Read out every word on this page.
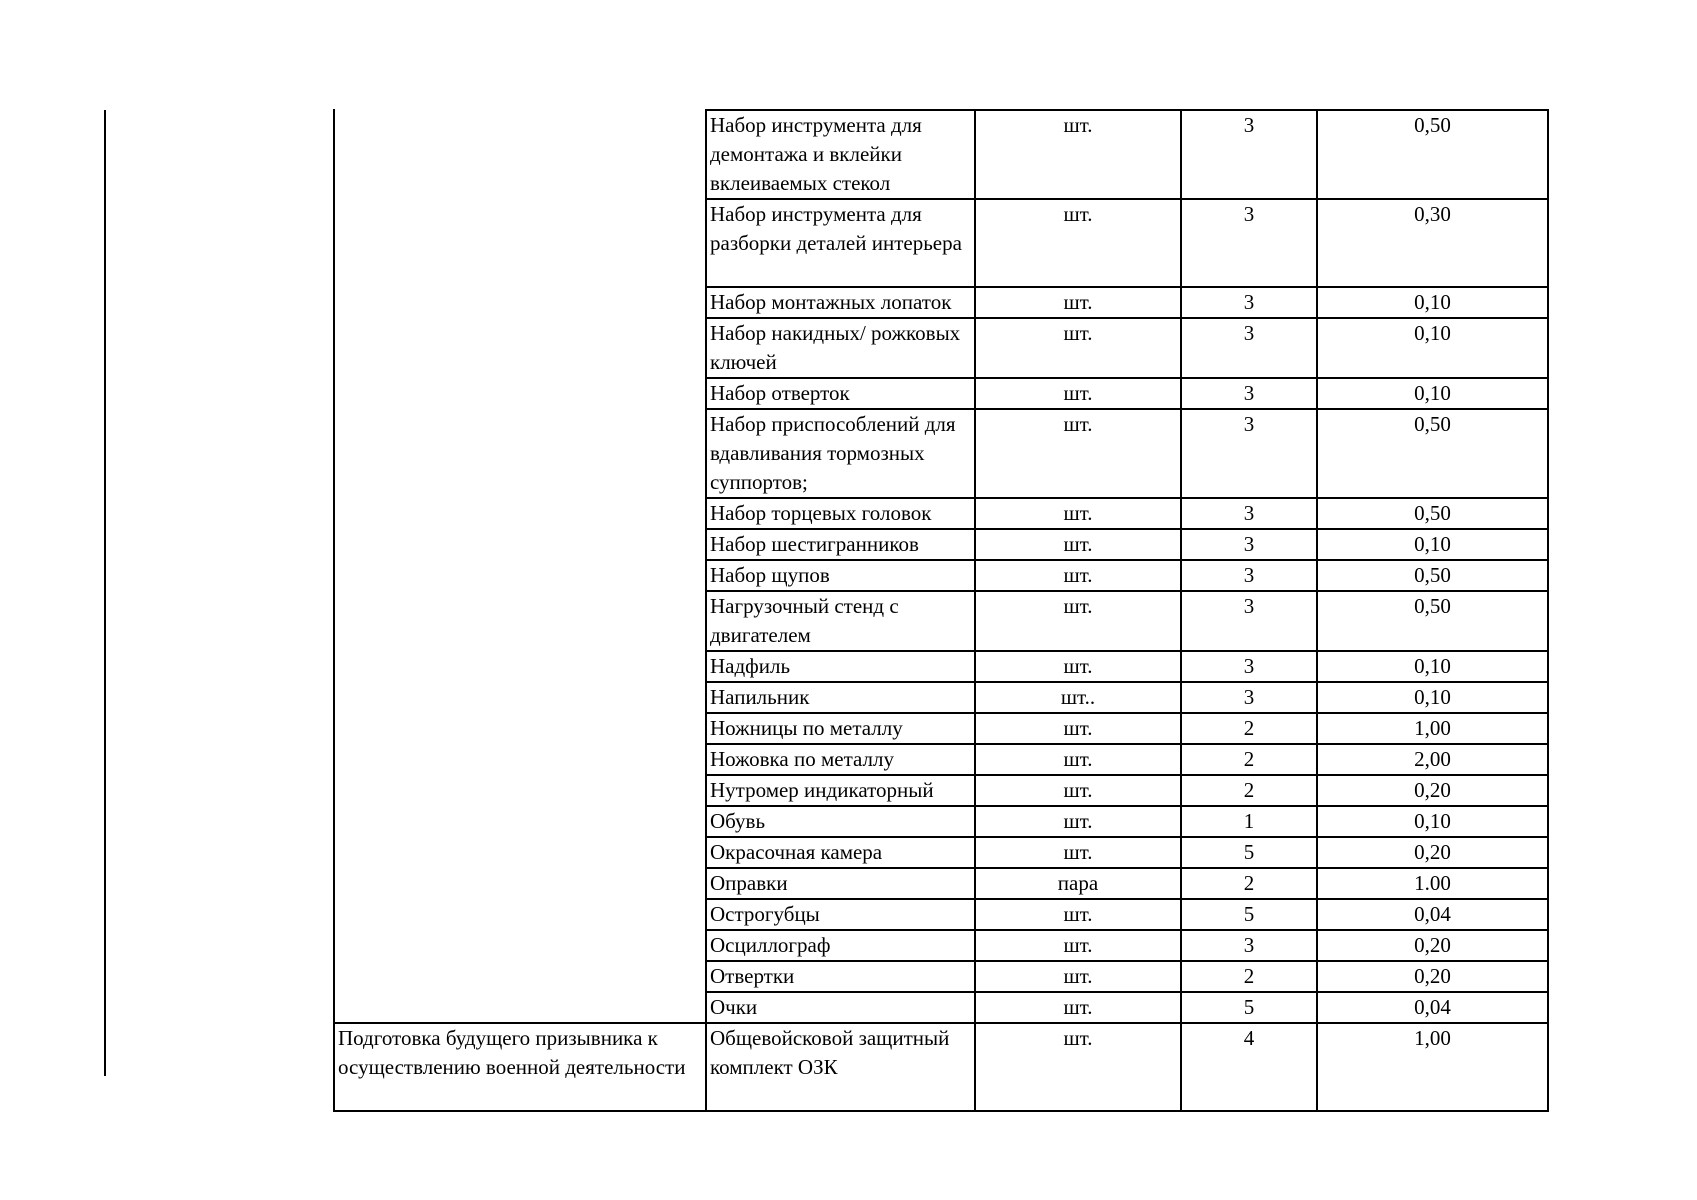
	Набор инструмента для демонтажа и вклейки вклеиваемых стекол	шт.	3	0,50
	Набор инструмента для разборки деталей интерьера	шт.	3	0,30
	Набор монтажных лопаток	шт.	3	0,10
	Набор накидных/ рожковых ключей	шт.	3	0,10
	Набор отверток	шт.	3	0,10
	Набор приспособлений для вдавливания тормозных суппортов;	шт.	3	0,50
	Набор торцевых головок	шт.	3	0,50
	Набор шестигранников	шт.	3	0,10
	Набор щупов	шт.	3	0,50
	Нагрузочный стенд с двигателем	шт.	3	0,50
	Надфиль	шт.	3	0,10
	Напильник	шт..	3	0,10
	Ножницы по металлу	шт.	2	1,00
	Ножовка по металлу	шт.	2	2,00
	Нутромер индикаторный	шт.	2	0,20
	Обувь	шт.	1	0,10
	Окрасочная камера	шт.	5	0,20
	Оправки	пара	2	1.00
	Острогубцы	шт.	5	0,04
	Осциллограф	шт.	3	0,20
	Отвертки	шт.	2	0,20
	Очки	шт.	5	0,04
Подготовка будущего призывника к осуществлению военной деятельности	Общевойсковой защитный комплект ОЗК	шт.	4	1,00
